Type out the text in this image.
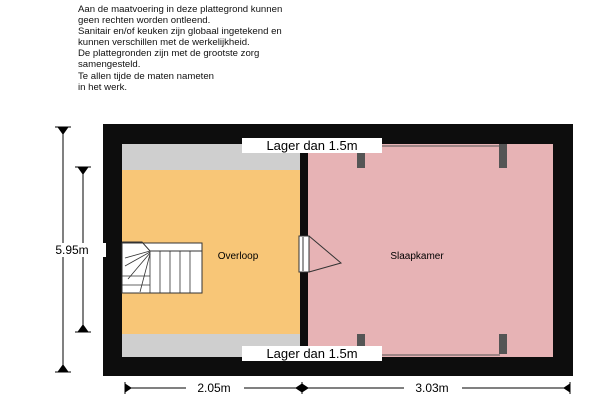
Aan de maatvoering in deze plattegrond kunnen
geen rechten worden ontleend.
Sanitair en/of keuken zijn globaal ingetekend en
kunnen verschillen met de werkelijkheid.
De plattegronden zijn met de grootste zorg
samengesteld.
Te allen tijde de maten nameten
in het werk.
Overloop	Slaapkamer
Lager dan 1.5m
Lager dan 1.5m
5.95m
2.05m	3.03m
